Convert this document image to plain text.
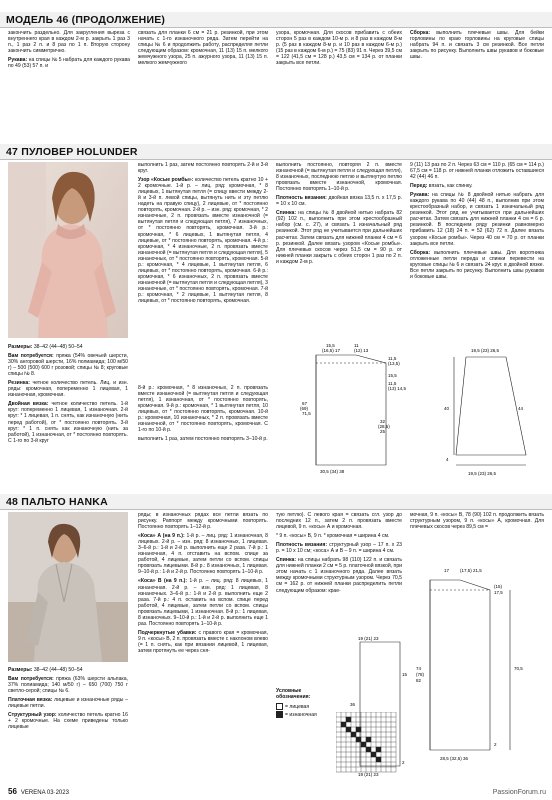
МОДЕЛЬ 46 (ПРОДОЛЖЕНИЕ)

закончить раздельно. Для закругления выреза с внутреннего края в каждом 2-м р. закрыть 1 раз 3 п., 1 раз 2 п. и 8 раз по 1 п. Вторую сторону закончить симметрично.

Рукава: на спицы № 5 набрать для каждого рукава по 49 (53) 57 п. и

связать для планки 6 см = 21 р. резинкой, при этом начать с 1-го изнаночного ряда. Затем перейти на спицы № 6 и продолжить работу, распределяя петли следующим образом: кромочная, 11 (13) 15 п. мелкого жемчужного узора, 25 п. ажурного узора, 11 (13) 15 п. мелкого жемчужного
узора, кромочная. Для скосов прибавить с обеих сторон 5 раз в каждом 10-м р. и 8 раз в каждом 8-м р. (5 раз в каждом 8-м р. и 10 раз в каждом 6-м р.) (15 раз в каждом 6-м р.) = 75 (83) 91 п. Через 39,5 см = 122 (41,5 см = 128 р.) 43,5 см = 134 р. от планки закрыть все петли.
Сборка: выполнить плечевые швы. Для бейки горловины по краю горловины на круговые спицы набрать 94 п. и связать 3 см резинкой. Все петли закрыть по рисунку. Выполнить швы рукавов и боковые швы.
47 ПУЛОВЕР HOLUNDER

Размеры: 38–42 (44–48) 50–54

Вам потребуется: пряжа (54% овечьей шерсти, 30% ангоровой шерсти, 16% полиамида; 100 м/50 г) – 500 (500) 600 г розовой; спицы № 8; круговые спицы № 8.

Резинка: четное количество петель. Лиц. и изн. ряды: кромочная, попеременно 1 лицевая, 1 изнаночная, кромочная.

Двойная вязка: четное количество петель. 1-й круг: попеременно 1 лицевая, 1 изнаночная. 2-й круг: * 1 лицевая, 1 п. снять, как изнаночную (нить перед работой), от * постоянно повторять. 3-й круг: * 1 п. снять как изнаночную (нить за работой), 1 изнаночная, от * постоянно повторять. С 1-го по 3-й круг

выполнить 1 раз, затем постоянно повторять 2-й и 3-й круг.

Узор «Косые ромбы»: количество петель кратно 10 + 2 кромочные. 1-й р. – лиц. ряд: кромочная, * 8 лицевых, 1 вытянутая петля (= спицу ввести между 2-й и 3-й п. левой спицы, вытянуть нить и эту петлю надеть на правую спицу), 2 лицевые, от * постоянно повторять, кромочная. 2-й р. – изн. ряд: кромочная, * 2 изнаночные, 2 п. провязать вместе изнаночной (= вытянутая петля и следующая петля), 7 изнаночных, от * постоянно повторять, кромочная. 3-й р.: кромочная, * 6 лицевых, 1 вытянутая петля, 4 лицевые, от * постоянно повторять, кромочная. 4-й р.: кромочная, * 4 изнаночные, 2 п. провязать вместе изнаночной (= вытянутая петля и следующая петля), 5 изнаночных, от * постоянно повторять, кромочная. 5-й р.: кромочная, * 4 лицевые, 1 вытянутая петля, 6 лицевых, от * постоянно повторять, кромочная. 6-й р.: кромочная, * 6 изнаночных, 2 п. провязать вместе изнаночной (= вытянутая петля и следующая петля), 3 изнаночные, от * постоянно повторять, кромочная. 7-й р.: кромочная, * 2 лицевые, 1 вытянутая петля, 8 лицевых, от * постоянно повторять, кромочная.

выполнить постоянно, повторяя 2 п. вместе изнаночной (= вытянутая петля и следующая петля), 8 изнаночных, последнюю петлю и вытянутую петлю провязать вместе изнаночной, кромочная. Постоянно повторять 1–10-й р.

Плотность вязания: двойная вязка 13,5 п. x 17,5 р. = 10 x 10 см.

Спинка: на спицы № 8 двойной нитью набрать 82 (92) 102 п., выполнить при этом крестообразный набор (см. с. 27), и связать 1 изначальный ряд резинкой. Этот ряд не учитывается при дальнейших расчетах. Затем связать для нижней планки 4 см = 6 р. резинкой. Далее вязать узором «Косые ромбы». Для плечевых скосов через 51,5 см = 90 р. от нижней планки закрыть с обеих сторон 1 раз по 2 п. и каждом 2-м р.

9 (11) 13 раз по 2 п. Через 63 см = 110 р. (65 см = 114 р.) 67,5 см = 118 р. от нижней планки отложить оставшиеся 42 (44) 46 п.

Перед: вязать, как спинку.

Рукава: на спицы № 8 двойной нитью набрать для каждого рукава по 40 (44) 48 п., выполнив при этом крестообразный набор, и связать 1 изначальный ряд резинкой. Этот ряд не учитывается при дальнейших расчетах. Затем связать для нижней планки 4 см = 6 р. резинкой. В последнем ряду резинки равномерно прибавить 12 (18) 24 п. = 52 (62) 72 п. Далее вязать узором «Косые ромбы». Через 40 см = 70 р. от планки закрыть все петли.

Сборка: выполнить плечевые швы. Для воротника отложенные петли переда и спинки перевести на круговые спицы № 6 и связать 24 круг. в двойной вязке. Все петли закрыть по рисунку. Выполнить швы рукавов и боковые швы.

8-й р.: кромочная, * 8 изнаночных, 2 п. провязать вместе изнаночной (= вытянутая петля и следующая петля), 1 изнаночная, от * постоянно повторять, кромочная. 9-й р.: кромочная, * 1 вытянутая петля, 10 лицевых, от * постоянно повторять, кромочная. 10-й р.: кромочная, 10 изнаночных, * 2 п. провязать вместе изнаночной, от * постоянно повторять, кромочная. С 1-го по 10-й р.

выполнить 1 раз, затем постоянно повторять 3–10-й р.

15,5
(16,5) 17
11
(12) 13
11,5
(13,5)
15,5
11,5
(13) 14,5
67
(69)
71,5
30,5 (34) 38
32
(28,5)
25
19,5 (23) 26,5
40	44
19,5 (23) 26,5
4
48 ПАЛЬТО HANKA

Размеры: 38–42 (44–48) 50–54

Вам потребуется: пряжа (63% шерсти альпака, 37% полиамида; 140 м/50 г) – 650 (700) 750 г светло-серой; спицы № 6.

Платочная вязка: лицевые и изнаночные ряды – лицевые петли.

Структурный узор: количество петель кратно 16 + 2 кромочные. На схеме приведены только лицевые

ряды; в изнаночных рядах все петли вязать по рисунку. Раппорт между кромочными повторять. Постоянно повторять 1–12-й р.

«Коса» А (на 9 п.): 1-й р. – лиц. ряд: 1 изнаночная, 8 лицевых. 2-й р. – изн. ряд: 8 изнаночных, 1 лицевая. 3–6-й р.: 1-й и 2-й р. выполнить еще 2 раза. 7-й р.: 1 изнаночная, 4 п. отставить на вспом. спице за работой, 4 лицевые, затем петли со вспом. спицы провязать лицевыми. 8-й р.: 8 изнаночных, 1 лицевая. 9–10-й р.: 1-й и 2-й р. Постоянно повторять 1–10-й р.

«Коса» В (на 9 п.): 1-й р. – лиц. ряд: 8 лицевых, 1 изнаночная. 2-й р. – изн. ряд: 1 лицевая, 8 изнаночных. 3–6-й р.: 1-й и 2-й р. выполнить еще 2 раза. 7-й р.: 4 п. оставить на вспом. спице перед работой, 4 лицевые, затем петли со вспом. спицы провязать лицевыми, 1 изнаночная. 8-й р.: 1 лицевая, 8 изнаночных. 9–10-й р.: 1-й и 2-й р. выполнить еще 1 раз. Постоянно повторять 1–10-й р.

Подчеркнутые убавки: с правого края = кромочная, 9 п. «косы» В, 2 п. провязать вместе с наклоном влево (= 1 п. снять, как при вязании лицевой, 1 лицевая, затем протянуть ее через сня-

тую петлю). С левого края = связать сгл. узор до последних 12 п., затем 2 п. провязать вместе лицевой, 9 п. «косы» А и кромочная.

* 9 п. «косы» В, 9 п. * кромочная = ширина 4 см.

Плотность вязания: структурный узор – 17 п. x 23 р. = 10 x 10 см; «коса» А и В – 9 п. = ширина 4 см.

Спинка: на спицы набрать 98 (110) 122 п. и связать для нижней планки 2 см = 5 р. платочной вязкой, при этом начать с 1 изнаночного ряда. Далее вязать между кромочными структурным узором. Через 70,5 см = 162 р. от нижней планки распределить петли следующим образом: крае-

мочная, 9 п. «косы» В, 78 (90) 102 п. продолжить вязать структурным узором, 9 п. «косы» А, кромочная. Для плечевых скосов через 89,5 см =

Условные обозначения:

= лицевая
= изнаночная
17 (17,5) 21,5
(15)
17,5
74
(78)
82
70,5
28,5 (32,5) 36
2
19 (21) 23
15
19 (21) 23
36
2
56 VERENA 03·2023	PassionForum.ru
